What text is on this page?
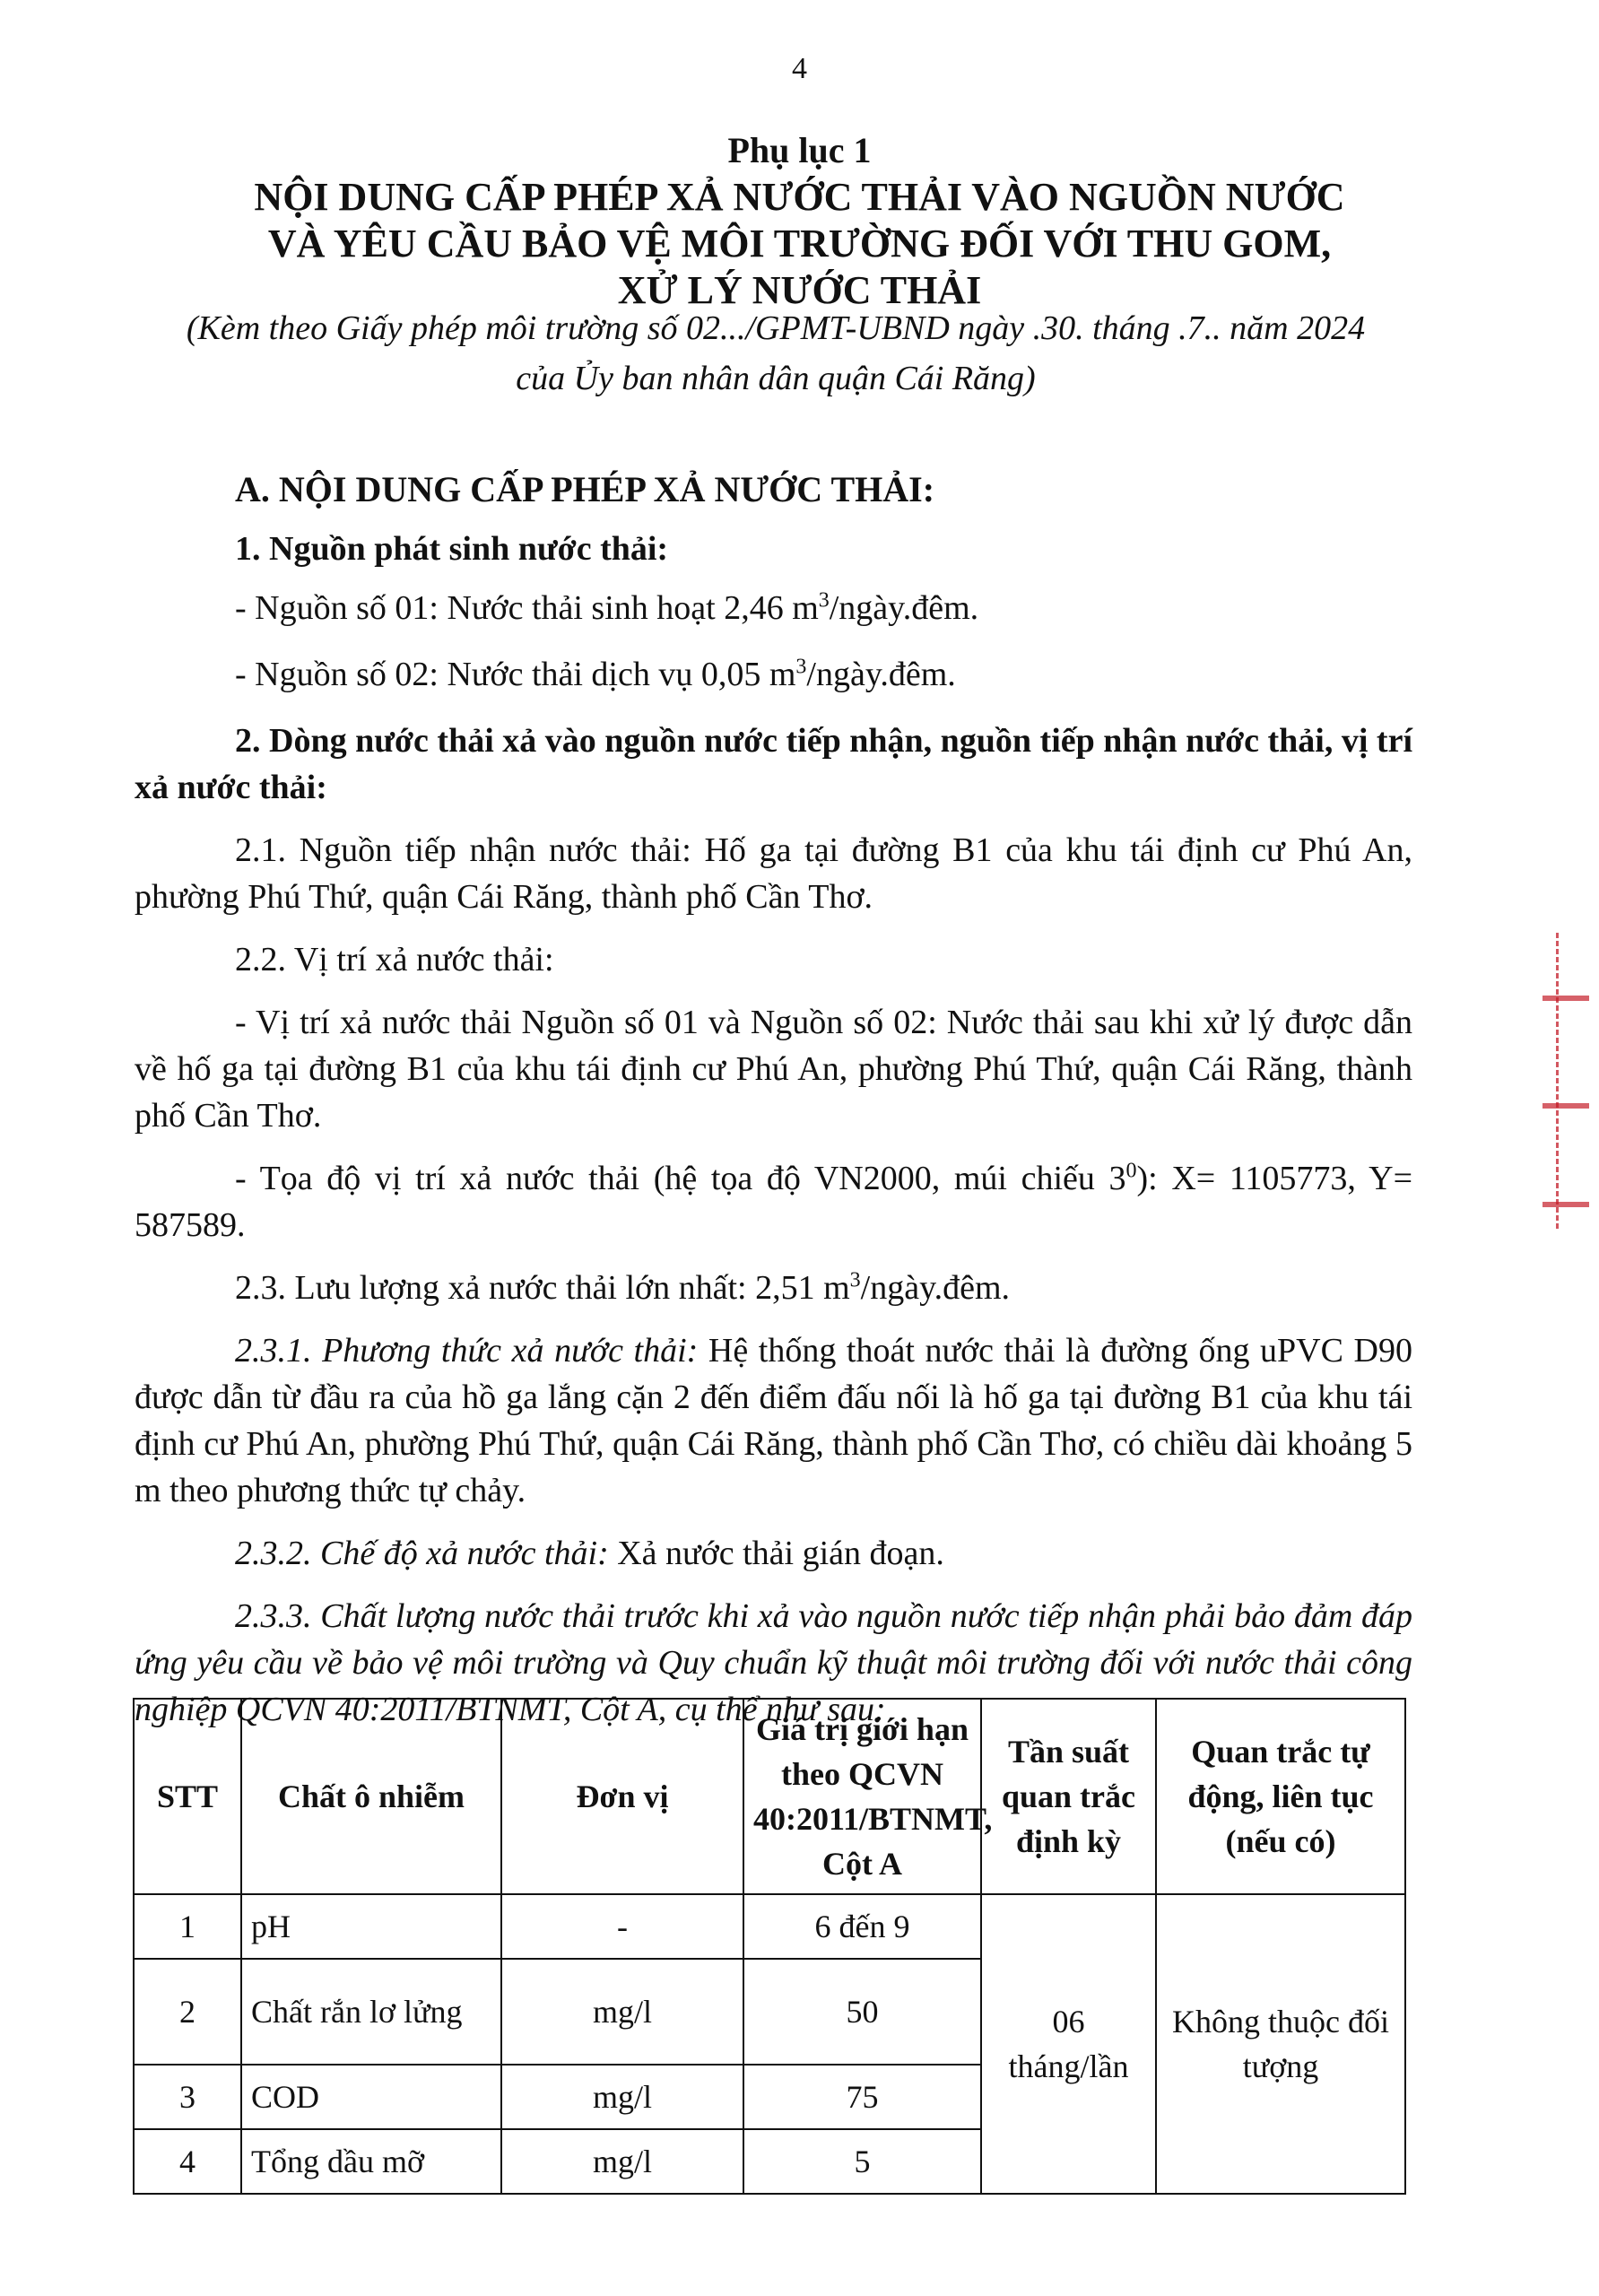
4
Phụ lục 1
NỘI DUNG CẤP PHÉP XẢ NƯỚC THẢI VÀO NGUỒN NƯỚC
VÀ YÊU CẦU BẢO VỆ MÔI TRƯỜNG ĐỐI VỚI THU GOM,
XỬ LÝ NƯỚC THẢI
(Kèm theo Giấy phép môi trường số 02.../GPMT-UBND ngày .30. tháng .7.. năm 2024
của Ủy ban nhân dân quận Cái Răng)

A. NỘI DUNG CẤP PHÉP XẢ NƯỚC THẢI:

1. Nguồn phát sinh nước thải:

- Nguồn số 01: Nước thải sinh hoạt 2,46 $m^3/ngày.đêm$.

- Nguồn số 02: Nước thải dịch vụ 0,05 $m^3/ngày.đêm$.

2. Dòng nước thải xả vào nguồn nước tiếp nhận, nguồn tiếp nhận nước thải, vị trí xả nước thải:

2.1. Nguồn tiếp nhận nước thải: Hố ga tại đường B1 của khu tái định cư Phú An, phường Phú Thứ, quận Cái Răng, thành phố Cần Thơ.

2.2. Vị trí xả nước thải:

- Vị trí xả nước thải Nguồn số 01 và Nguồn số 02: Nước thải sau khi xử lý được dẫn về hố ga tại đường B1 của khu tái định cư Phú An, phường Phú Thứ, quận Cái Răng, thành phố Cần Thơ.

- Tọa độ vị trí xả nước thải (hệ tọa độ VN2000, múi chiếu $3^0$): X= 1105773, Y= 587589.

2.3. Lưu lượng xả nước thải lớn nhất: 2,51 $m^3/ngày.đêm$.

2.3.1. Phương thức xả nước thải: Hệ thống thoát nước thải là đường ống uPVC D90 được dẫn từ đầu ra của hồ ga lắng cặn 2 đến điểm đấu nối là hố ga tại đường B1 của khu tái định cư Phú An, phường Phú Thứ, quận Cái Răng, thành phố Cần Thơ, có chiều dài khoảng 5 m theo phương thức tự chảy.

2.3.2. Chế độ xả nước thải: Xả nước thải gián đoạn.

2.3.3. Chất lượng nước thải trước khi xả vào nguồn nước tiếp nhận phải bảo đảm đáp ứng yêu cầu về bảo vệ môi trường và Quy chuẩn kỹ thuật môi trường đối với nước thải công nghiệp QCVN 40:2011/BTNMT, Cột A, cụ thể như sau:

STT	Chất ô nhiễm	Đơn vị	Giá trị giới hạn theo QCVN 40:2011/BTNMT, Cột A	Tần suất quan trắc định kỳ	Quan trắc tự động, liên tục (nếu có)
1	pH	-	6 đến 9	06 tháng/lần	Không thuộc đối tượng
2	Chất rắn lơ lửng	mg/l	50		
3	COD	mg/l	75		
4	Tổng dầu mỡ	mg/l	5		
